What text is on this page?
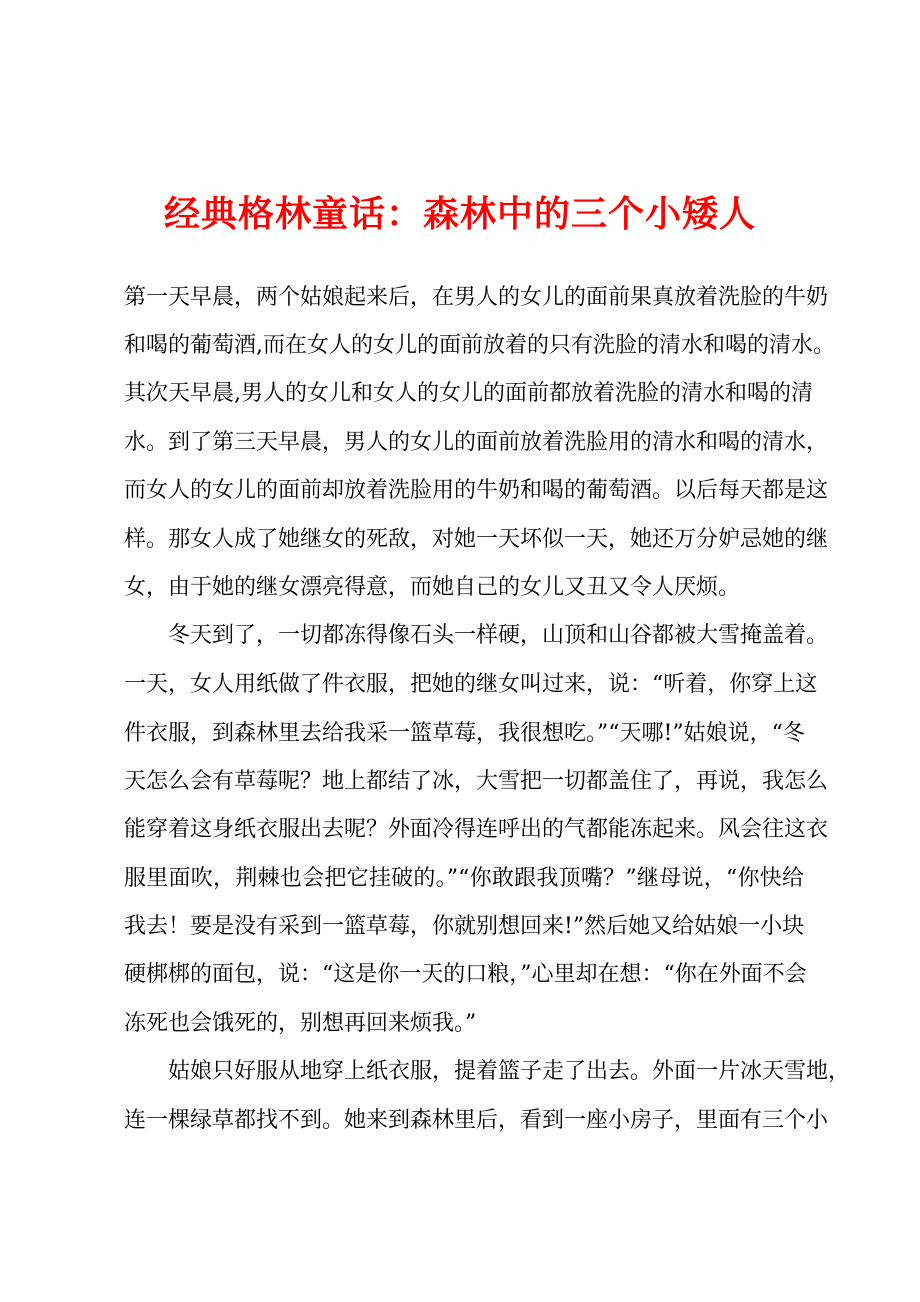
经典格林童话：森林中的三个小矮人

第一天早晨，两个姑娘起来后，在男人的女儿的面前果真放着洗脸的牛奶

和喝的葡萄酒,而在女人的女儿的面前放着的只有洗脸的清水和喝的清水。

其次天早晨,男人的女儿和女人的女儿的面前都放着洗脸的清水和喝的清

水。到了第三天早晨，男人的女儿的面前放着洗脸用的清水和喝的清水，

而女人的女儿的面前却放着洗脸用的牛奶和喝的葡萄酒。以后每天都是这

样。那女人成了她继女的死敌，对她一天坏似一天，她还万分妒忌她的继

女，由于她的继女漂亮得意，而她自己的女儿又丑又令人厌烦。

冬天到了，一切都冻得像石头一样硬，山顶和山谷都被大雪掩盖着。

一天，女人用纸做了件衣服，把她的继女叫过来，说：“听着，你穿上这

件衣服，到森林里去给我采一篮草莓，我很想吃。”“天哪!”姑娘说，“冬

天怎么会有草莓呢？地上都结了冰，大雪把一切都盖住了，再说，我怎么

能穿着这身纸衣服出去呢？外面冷得连呼出的气都能冻起来。风会往这衣

服里面吹，荆棘也会把它挂破的。”“你敢跟我顶嘴？”继母说，“你快给

我去！要是没有采到一篮草莓，你就别想回来!”然后她又给姑娘一小块

硬梆梆的面包，说：“这是你一天的口粮，”心里却在想：“你在外面不会

冻死也会饿死的，别想再回来烦我。”

姑娘只好服从地穿上纸衣服，提着篮子走了出去。外面一片冰天雪地，

连一棵绿草都找不到。她来到森林里后，看到一座小房子，里面有三个小
